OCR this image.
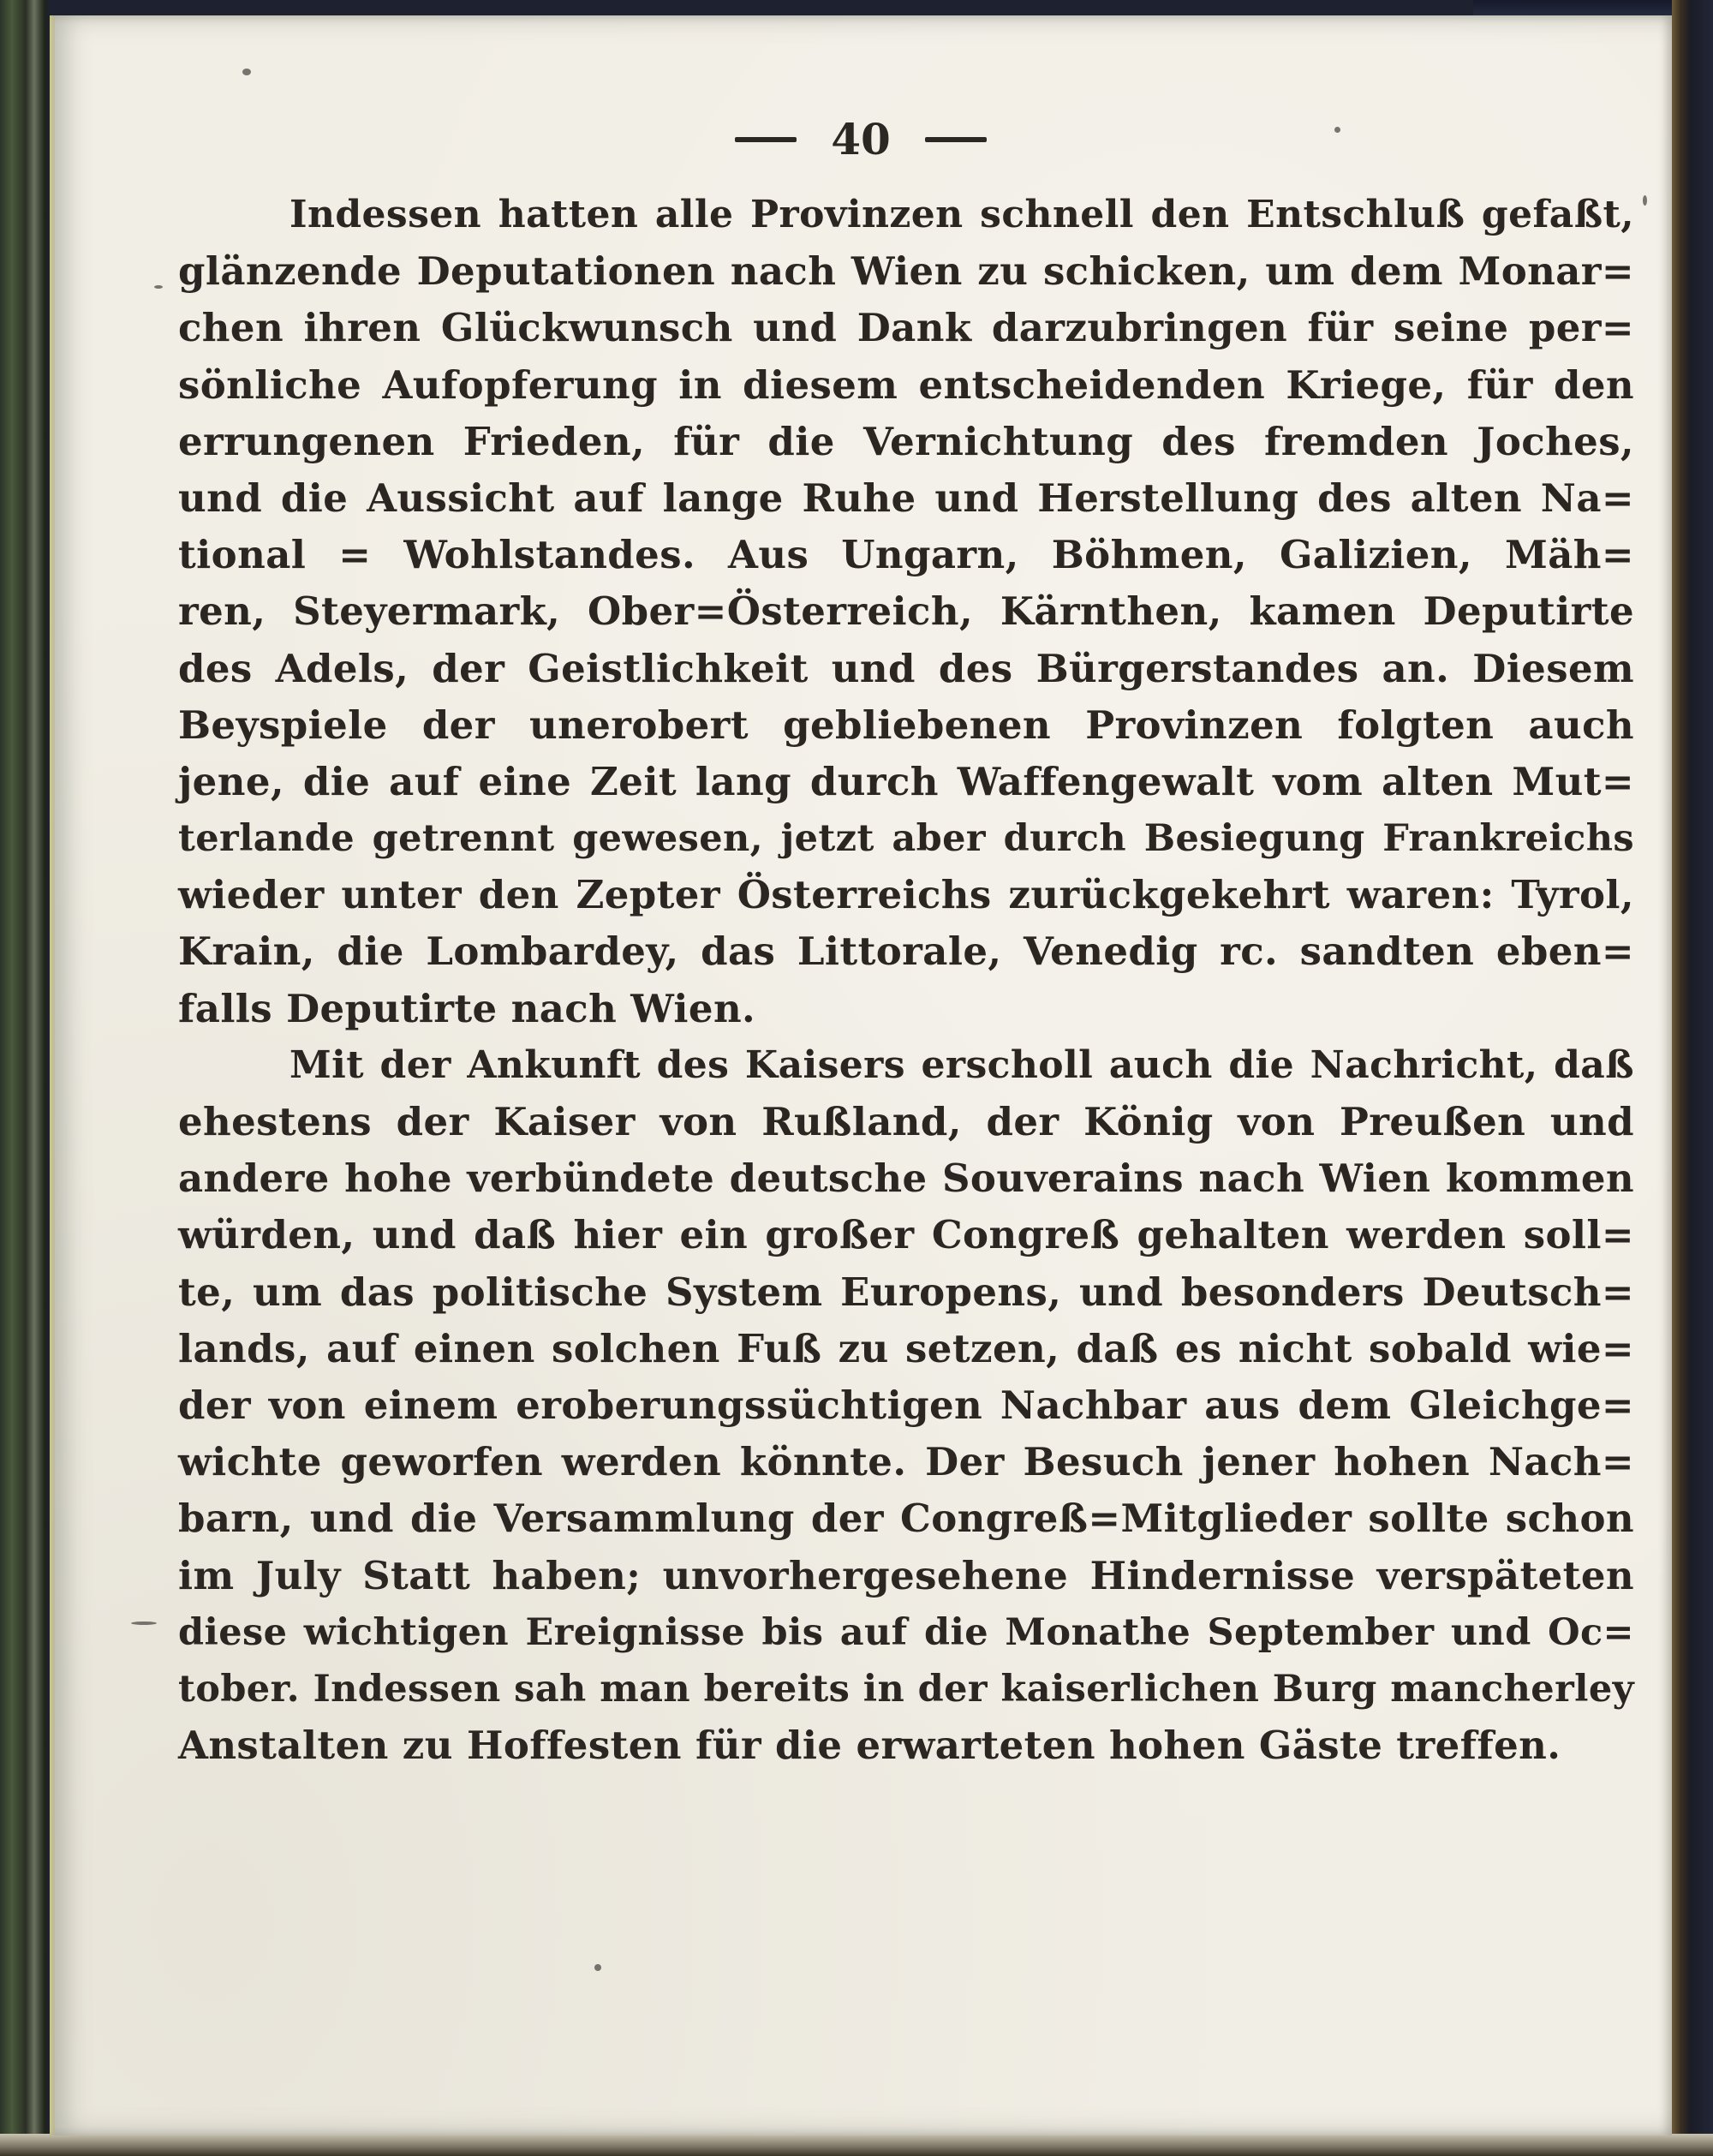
40
Indessen hatten alle Provinzen schnell den Entschluß gefaßt,
glänzende Deputationen nach Wien zu schicken, um dem Monar=
chen ihren Glückwunsch und Dank darzubringen für seine per=
sönliche Aufopferung in diesem entscheidenden Kriege, für den
errungenen Frieden, für die Vernichtung des fremden Joches,
und die Aussicht auf lange Ruhe und Herstellung des alten Na=
tional = Wohlstandes. Aus Ungarn, Böhmen, Galizien, Mäh=
ren, Steyermark, Ober=Österreich, Kärnthen, kamen Deputirte
des Adels, der Geistlichkeit und des Bürgerstandes an. Diesem
Beyspiele der unerobert gebliebenen Provinzen folgten auch
jene, die auf eine Zeit lang durch Waffengewalt vom alten Mut=
terlande getrennt gewesen, jetzt aber durch Besiegung Frankreichs
wieder unter den Zepter Österreichs zurückgekehrt waren: Tyrol,
Krain, die Lombardey, das Littorale, Venedig rc. sandten eben=
falls Deputirte nach Wien.
Mit der Ankunft des Kaisers erscholl auch die Nachricht, daß
ehestens der Kaiser von Rußland, der König von Preußen und
andere hohe verbündete deutsche Souverains nach Wien kommen
würden, und daß hier ein großer Congreß gehalten werden soll=
te, um das politische System Europens, und besonders Deutsch=
lands, auf einen solchen Fuß zu setzen, daß es nicht sobald wie=
der von einem eroberungssüchtigen Nachbar aus dem Gleichge=
wichte geworfen werden könnte. Der Besuch jener hohen Nach=
barn, und die Versammlung der Congreß=Mitglieder sollte schon
im July Statt haben; unvorhergesehene Hindernisse verspäteten
diese wichtigen Ereignisse bis auf die Monathe September und Oc=
tober. Indessen sah man bereits in der kaiserlichen Burg mancherley
Anstalten zu Hoffesten für die erwarteten hohen Gäste treffen.
